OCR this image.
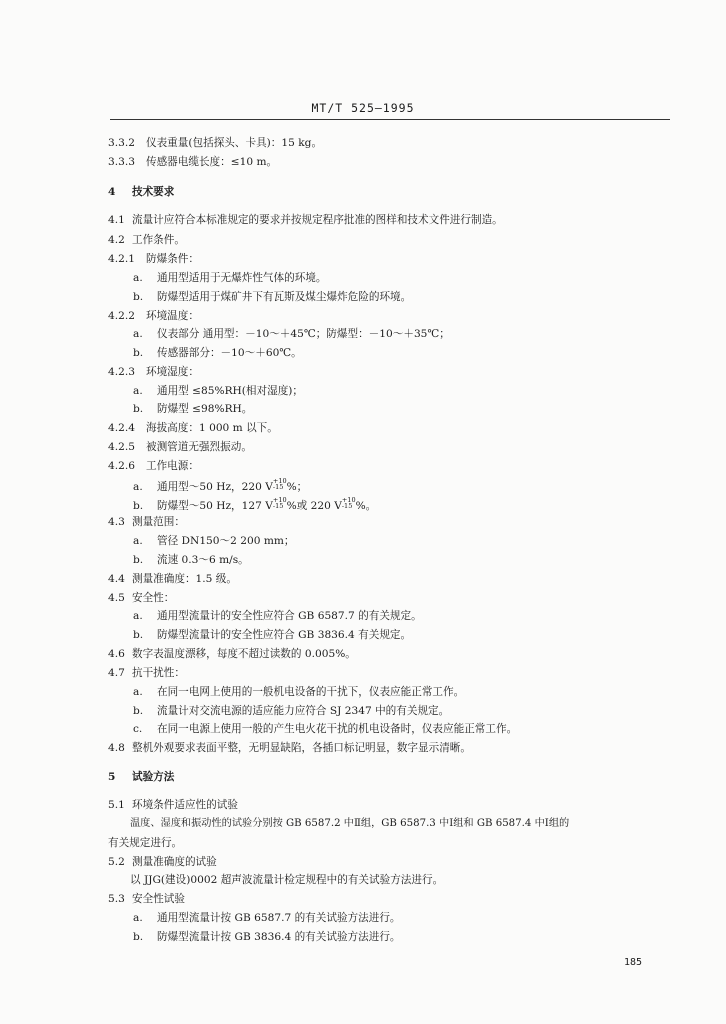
MT/T 525—1995
3.3.2 仪表重量(包括探头、卡具)：15 kg。
3.3.3 传感器电缆长度：≤10 m。
4 技术要求
4.1 流量计应符合本标准规定的要求并按规定程序批准的图样和技术文件进行制造。
4.2 工作条件。
4.2.1 防爆条件：
a. 通用型适用于无爆炸性气体的环境。
b. 防爆型适用于煤矿井下有瓦斯及煤尘爆炸危险的环境。
4.2.2 环境温度：
a. 仪表部分 通用型：－10～＋45℃；防爆型：－10～＋35℃；
b. 传感器部分：－10～＋60℃。
4.2.3 环境湿度：
a. 通用型 ≤85%RH(相对湿度)；
b. 防爆型 ≤98%RH。
4.2.4 海拔高度：1 000 m 以下。
4.2.5 被测管道无强烈振动。
4.2.6 工作电源：
a. 通用型～50 Hz，220 V $^{+10 -15}$ %；
b. 防爆型～50 Hz，127 V $^{+10 -15}$ %或 220 V $^{+10 -15}$ %。
4.3 测量范围：
a. 管径 DN150～2 200 mm；
b. 流速 0.3～6 m/s。
4.4 测量准确度：1.5 级。
4.5 安全性：
a. 通用型流量计的安全性应符合 GB 6587.7 的有关规定。
b. 防爆型流量计的安全性应符合 GB 3836.4 有关规定。
4.6 数字表温度漂移，每度不超过读数的 0.005%。
4.7 抗干扰性：
a. 在同一电网上使用的一般机电设备的干扰下，仪表应能正常工作。
b. 流量计对交流电源的适应能力应符合 SJ 2347 中的有关规定。
c. 在同一电源上使用一般的产生电火花干扰的机电设备时，仪表应能正常工作。
4.8 整机外观要求表面平整，无明显缺陷，各插口标记明显，数字显示清晰。
5 试验方法
5.1 环境条件适应性的试验
温度、湿度和振动性的试验分别按 GB 6587.2 中Ⅱ组，GB 6587.3 中Ⅰ组和 GB 6587.4 中Ⅰ组的
有关规定进行。
5.2 测量准确度的试验
以 JJG(建设)0002 超声波流量计检定规程中的有关试验方法进行。
5.3 安全性试验
a. 通用型流量计按 GB 6587.7 的有关试验方法进行。
b. 防爆型流量计按 GB 3836.4 的有关试验方法进行。
185
